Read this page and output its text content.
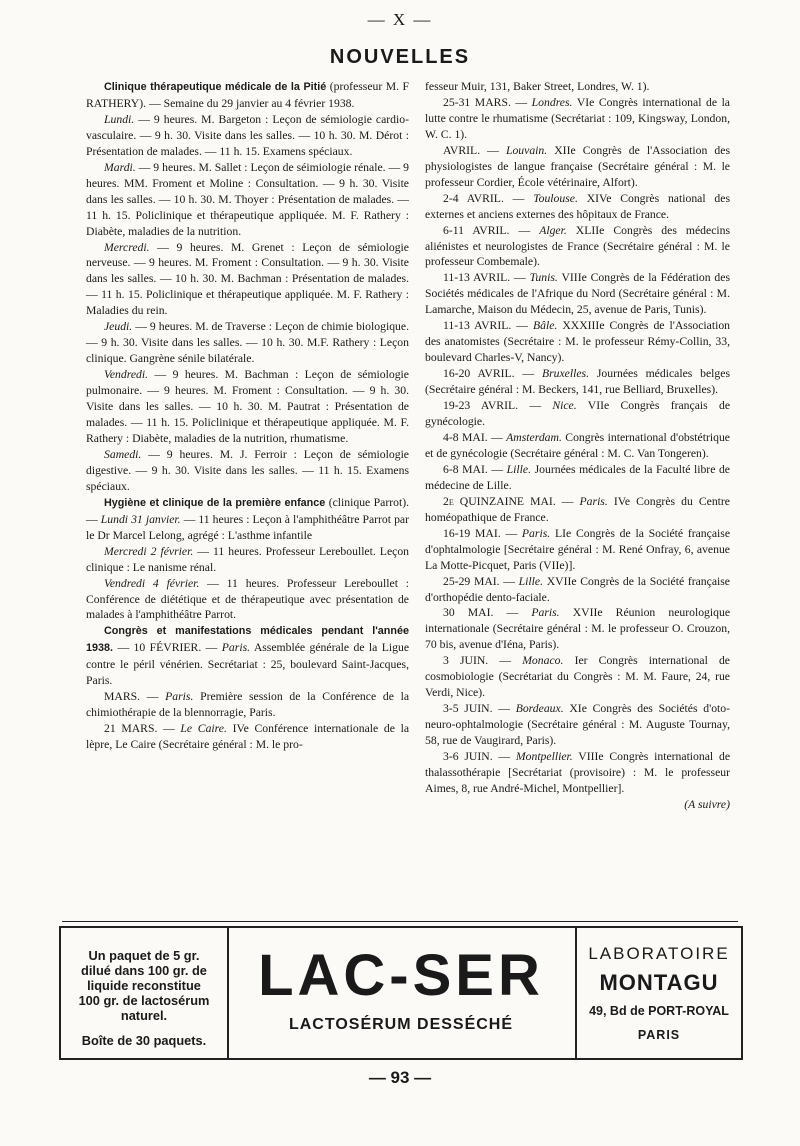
— X —
NOUVELLES

Clinique thérapeutique médicale de la Pitié (professeur M. F RATHERY). — Semaine du 29 janvier au 4 février 1938.

Lundi. — 9 heures. M. Bargeton : Leçon de sémiologie cardio-vasculaire. — 9 h. 30. Visite dans les salles. — 10 h. 30. M. Dérot : Présentation de malades. — 11 h. 15. Examens spéciaux.

Mardi. — 9 heures. M. Sallet : Leçon de séimiologie rénale. — 9 heures. MM. Froment et Moline : Consultation. — 9 h. 30. Visite dans les salles. — 10 h. 30. M. Thoyer : Présentation de malades. — 11 h. 15. Policlinique et thérapeutique appliquée. M. F. Rathery : Diabète, maladies de la nutrition.

Mercredi. — 9 heures. M. Grenet : Leçon de sémiologie nerveuse. — 9 heures. M. Froment : Consultation. — 9 h. 30. Visite dans les salles. — 10 h. 30. M. Bachman : Présentation de malades. — 11 h. 15. Policlinique et thérapeutique appliquée. M. F. Rathery : Maladies du rein.

Jeudi. — 9 heures. M. de Traverse : Leçon de chimie biologique. — 9 h. 30. Visite dans les salles. — 10 h. 30. M.F. Rathery : Leçon clinique. Gangrène sénile bilatérale.

Vendredi. — 9 heures. M. Bachman : Leçon de sémiologie pulmonaire. — 9 heures. M. Froment : Consultation. — 9 h. 30. Visite dans les salles. — 10 h. 30. M. Pautrat : Présentation de malades. — 11 h. 15. Policlinique et thérapeutique appliquée. M. F. Rathery : Diabète, maladies de la nutrition, rhumatisme.

Samedi. — 9 heures. M. J. Ferroir : Leçon de sémiologie digestive. — 9 h. 30. Visite dans les salles. — 11 h. 15. Examens spéciaux.

Hygiène et clinique de la première enfance (clinique Parrot). — Lundi 31 janvier. — 11 heures : Leçon à l'amphithéâtre Parrot par le Dr Marcel Lelong, agrégé : L'asthme infantile

Mercredi 2 février. — 11 heures. Professeur Lereboullet. Leçon clinique : Le nanisme rénal.

Vendredi 4 février. — 11 heures. Professeur Lereboullet : Conférence de diététique et de thérapeutique avec présentation de malades à l'amphithéâtre Parrot.

Congrès et manifestations médicales pendant l'année 1938. — 10 FÉVRIER. — Paris. Assemblée générale de la Ligue contre le péril vénérien. Secrétariat : 25, boulevard Saint-Jacques, Paris.

MARS. — Paris. Première session de la Conférence de la chimiothérapie de la blennorragie, Paris.

21 MARS. — Le Caire. IVe Conférence internationale de la lèpre, Le Caire (Secrétaire général : M. le pro-

fesseur Muir, 131, Baker Street, Londres, W. 1).

25-31 MARS. — Londres. VIe Congrès international de la lutte contre le rhumatisme (Secrétariat : 109, Kingsway, London, W. C. 1).

AVRIL. — Louvain. XIIe Congrès de l'Association des physiologistes de langue française (Secrétaire général : M. le professeur Cordier, École vétérinaire, Alfort).

2-4 AVRIL. — Toulouse. XIVe Congrès national des externes et anciens externes des hôpitaux de France.

6-11 AVRIL. — Alger. XLIIe Congrès des médecins aliénistes et neurologistes de France (Secrétaire général : M. le professeur Combemale).

11-13 AVRIL. — Tunis. VIIIe Congrès de la Fédération des Sociétés médicales de l'Afrique du Nord (Secrétaire général : M. Lamarche, Maison du Médecin, 25, avenue de Paris, Tunis).

11-13 AVRIL. — Bâle. XXXIIIe Congrès de l'Association des anatomistes (Secrétaire : M. le professeur Rémy-Collin, 33, boulevard Charles-V, Nancy).

16-20 AVRIL. — Bruxelles. Journées médicales belges (Secrétaire général : M. Beckers, 141, rue Belliard, Bruxelles).

19-23 AVRIL. — Nice. VIIe Congrès français de gynécologie.

4-8 MAI. — Amsterdam. Congrès international d'obstétrique et de gynécologie (Secrétaire général : M. C. Van Tongeren).

6-8 MAI. — Lille. Journées médicales de la Faculté libre de médecine de Lille.

2e QUINZAINE MAI. — Paris. IVe Congrès du Centre homéopathique de France.

16-19 MAI. — Paris. LIe Congrès de la Société française d'ophtalmologie [Secrétaire général : M. René Onfray, 6, avenue La Motte-Picquet, Paris (VIIe)].

25-29 MAI. — Lille. XVIIe Congrès de la Société française d'orthopédie dento-faciale.

30 MAI. — Paris. XVIIe Réunion neurologique internationale (Secrétaire général : M. le professeur O. Crouzon, 70 bis, avenue d'Iéna, Paris).

3 JUIN. — Monaco. Ier Congrès international de cosmobiologie (Secrétariat du Congrès : M. M. Faure, 24, rue Verdi, Nice).

3-5 JUIN. — Bordeaux. XIe Congrès des Sociétés d'oto-neuro-ophtalmologie (Secrétaire général : M. Auguste Tournay, 58, rue de Vaugirard, Paris).

3-6 JUIN. — Montpellier. VIIIe Congrès international de thalassothérapie [Secrétariat (provisoire) : M. le professeur Aimes, 8, rue André-Michel, Montpellier].

(A suivre)

Un paquet de 5 gr.
dilué dans 100 gr. de
liquide reconstitue
100 gr. de lactosérum
naturel.
Boîte de 30 paquets.
LAC-SER
LACTOSÉRUM DESSÉCHÉ
LABORATOIRE
MONTAGU
49, Bd de PORT-ROYAL
PARIS
— 93 —
